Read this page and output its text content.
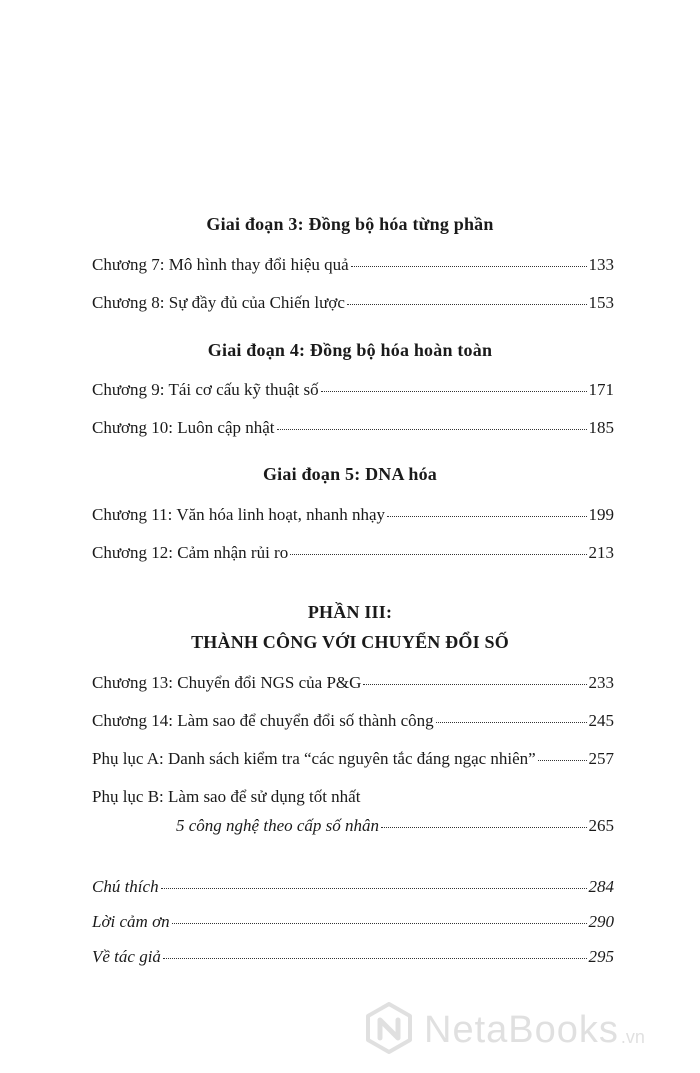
Giai đoạn 3: Đồng bộ hóa từng phần
Chương 7: Mô hình thay đổi hiệu quả	133
Chương 8: Sự đầy đủ của Chiến lược	153
Giai đoạn 4: Đồng bộ hóa hoàn toàn
Chương 9: Tái cơ cấu kỹ thuật số	171
Chương 10: Luôn cập nhật	185
Giai đoạn 5: DNA hóa
Chương 11: Văn hóa linh hoạt, nhanh nhạy	199
Chương 12: Cảm nhận rủi ro	213
PHẦN III:
THÀNH CÔNG VỚI CHUYỂN ĐỔI SỐ
Chương 13: Chuyển đổi NGS của P&G	233
Chương 14: Làm sao để chuyển đổi số thành công	245
Phụ lục A: Danh sách kiểm tra “các nguyên tắc đáng ngạc nhiên”	257
Phụ lục B: Làm sao để sử dụng tốt nhất
5 công nghệ theo cấp số nhân	265
Chú thích	284
Lời cảm ơn	290
Về tác giả	295
NetaBooks .vn
